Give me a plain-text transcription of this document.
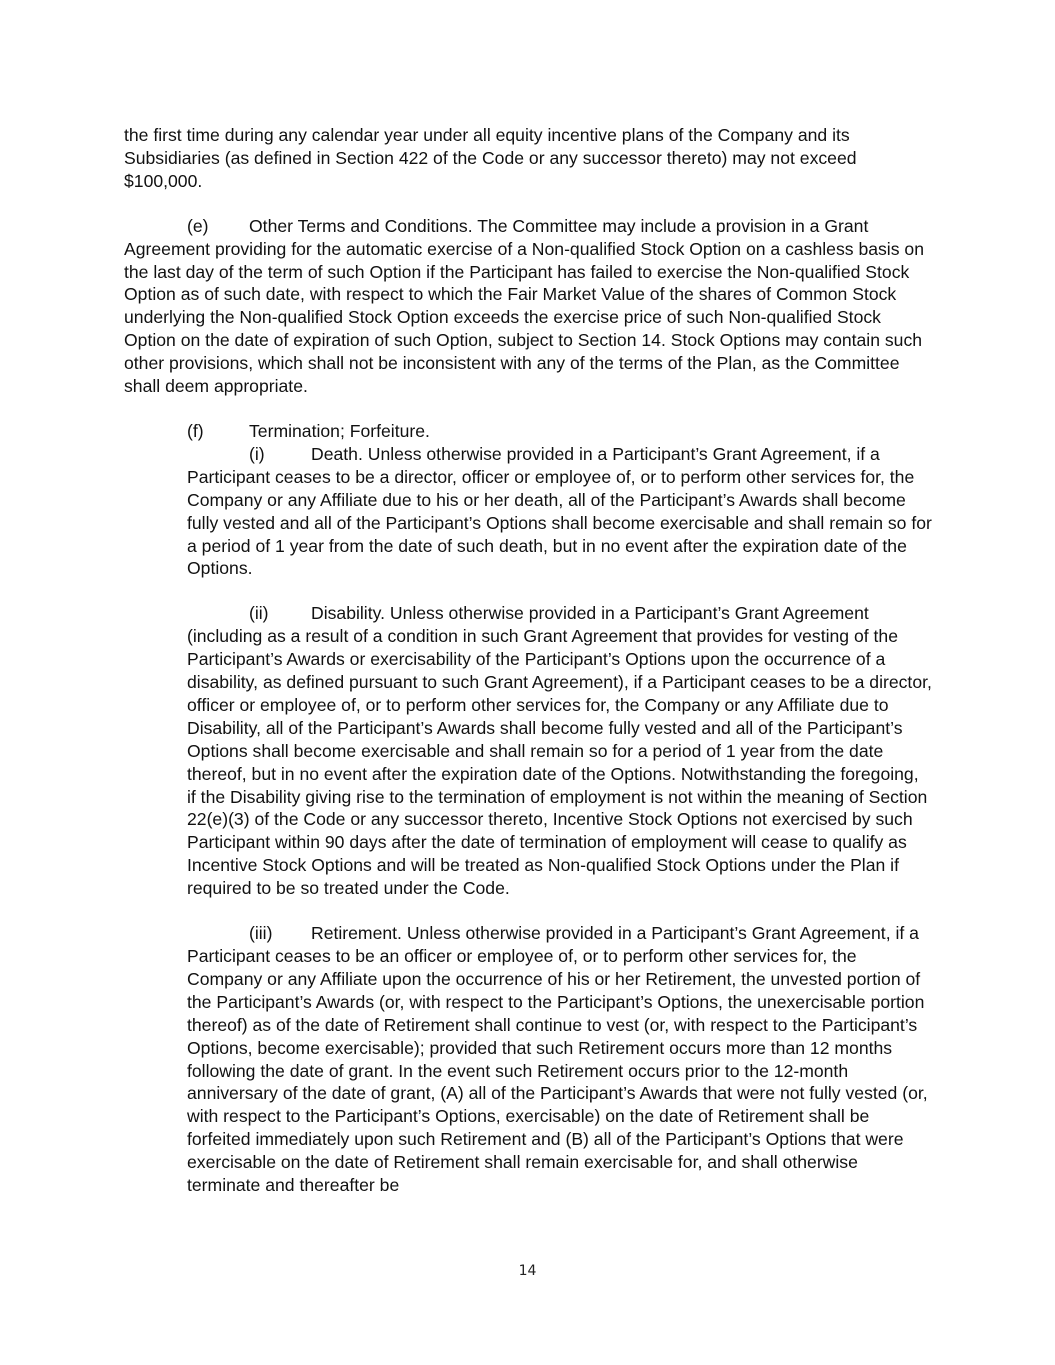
the first time during any calendar year under all equity incentive plans of the Company and its Subsidiaries (as defined in Section 422 of the Code or any successor thereto) may not exceed $100,000.

(e) Other Terms and Conditions. The Committee may include a provision in a Grant Agreement providing for the automatic exercise of a Non-qualified Stock Option on a cashless basis on the last day of the term of such Option if the Participant has failed to exercise the Non-qualified Stock Option as of such date, with respect to which the Fair Market Value of the shares of Common Stock underlying the Non-qualified Stock Option exceeds the exercise price of such Non-qualified Stock Option on the date of expiration of such Option, subject to Section 14. Stock Options may contain such other provisions, which shall not be inconsistent with any of the terms of the Plan, as the Committee shall deem appropriate.

(f)	Termination; Forfeiture.

(i)	Death. Unless otherwise provided in a Participant’s Grant Agreement, if a Participant ceases to be a director, officer or employee of, or to perform other services for, the Company or any Affiliate due to his or her death, all of the Participant’s Awards shall become fully vested and all of the Participant’s Options shall become exercisable and shall remain so for a period of 1 year from the date of such death, but in no event after the expiration date of the Options.

(ii) Disability. Unless otherwise provided in a Participant’s Grant Agreement (including as a result of a condition in such Grant Agreement that provides for vesting of the Participant’s Awards or exercisability of the Participant’s Options upon the occurrence of a disability, as defined pursuant to such Grant Agreement), if a Participant ceases to be a director, officer or employee of, or to perform other services for, the Company or any Affiliate due to Disability, all of the Participant’s Awards shall become fully vested and all of the Participant’s Options shall become exercisable and shall remain so for a period of 1 year from the date thereof, but in no event after the expiration date of the Options. Notwithstanding the foregoing, if the Disability giving rise to the termination of employment is not within the meaning of Section 22(e)(3) of the Code or any successor thereto, Incentive Stock Options not exercised by such Participant within 90 days after the date of termination of employment will cease to qualify as Incentive Stock Options and will be treated as Non-qualified Stock Options under the Plan if required to be so treated under the Code.

(iii) Retirement. Unless otherwise provided in a Participant’s Grant Agreement, if a Participant ceases to be an officer or employee of, or to perform other services for, the Company or any Affiliate upon the occurrence of his or her Retirement, the unvested portion of the Participant’s Awards (or, with respect to the Participant’s Options, the unexercisable portion thereof) as of the date of Retirement shall continue to vest (or, with respect to the Participant’s Options, become exercisable); provided that such Retirement occurs more than 12 months following the date of grant. In the event such Retirement occurs prior to the 12-month anniversary of the date of grant, (A) all of the Participant’s Awards that were not fully vested (or, with respect to the Participant’s Options, exercisable) on the date of Retirement shall be forfeited immediately upon such Retirement and (B) all of the Participant’s Options that were exercisable on the date of Retirement shall remain exercisable for, and shall otherwise terminate and thereafter be

14
